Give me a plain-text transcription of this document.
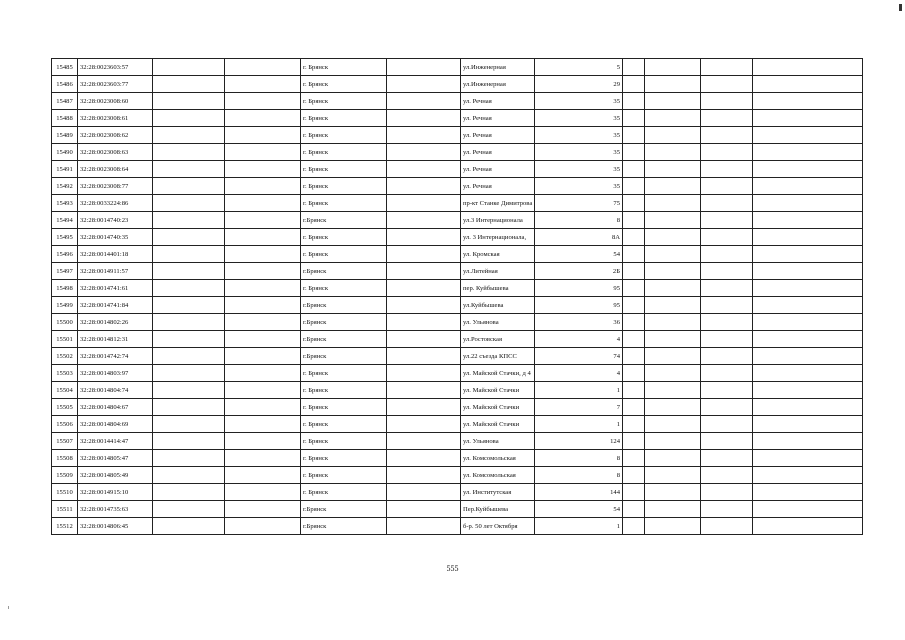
15485	32:28:0023603:57			г. Брянск		ул.Инженерная	5				
15486	32:28:0023603:77			г. Брянск		ул.Инженерная	29				
15487	32:28:0023008:60			г. Брянск		ул. Речная	35				
15488	32:28:0023008:61			г. Брянск		ул. Речная	35				
15489	32:28:0023008:62			г. Брянск		ул. Речная	35				
15490	32:28:0023008:63			г. Брянск		ул. Речная	35				
15491	32:28:0023008:64			г. Брянск		ул. Речная	35				
15492	32:28:0023008:77			г. Брянск		ул. Речная	35				
15493	32:28:0033224:86			г. Брянск		пр-кт Станке Димитрова	75				
15494	32:28:0014740:23			г.Брянск		ул.3 Интернационала	8				
15495	32:28:0014740:35			г. Брянск		ул. 3 Интернационала,	8А				
15496	32:28:0014401:18			г. Брянск		ул. Кромская	54				
15497	32:28:0014911:57			г.Брянск		ул.Литейная	2Б				
15498	32:28:0014741:61			г. Брянск		пер. Куйбышева	95				
15499	32:28:0014741:84			г.Брянск		ул.Куйбышева	95				
15500	32:28:0014802:26			г.Брянск		ул. Ульянова	36				
15501	32:28:0014812:31			г.Брянск		ул.Ростовская	4				
15502	32:28:0014742:74			г.Брянск		ул.22 съезда КПСС	74				
15503	32:28:0014803:97			г. Брянск		ул. Майской Стачки, д 4	4				
15504	32:28:0014804:74			г. Брянск		ул. Майской Стачки	1				
15505	32:28:0014804:67			г. Брянск		ул. Майской Стачки	7				
15506	32:28:0014804:69			г. Брянск		ул. Майской Стачки	1				
15507	32:28:0014414:47			г. Брянск		ул. Ульянова	124				
15508	32:28:0014805:47			г. Брянск		ул. Комсомольская	8				
15509	32:28:0014805:49			г. Брянск		ул. Комсомольская	8				
15510	32:28:0014915:10			г. Брянск		ул. Институтская	144				
15511	32:28:0014735:63			г.Брянск		Пер.Куйбышева	54				
15512	32:28:0014806:45			г.Брянск		б-р. 50 лет Октября	1				
555
